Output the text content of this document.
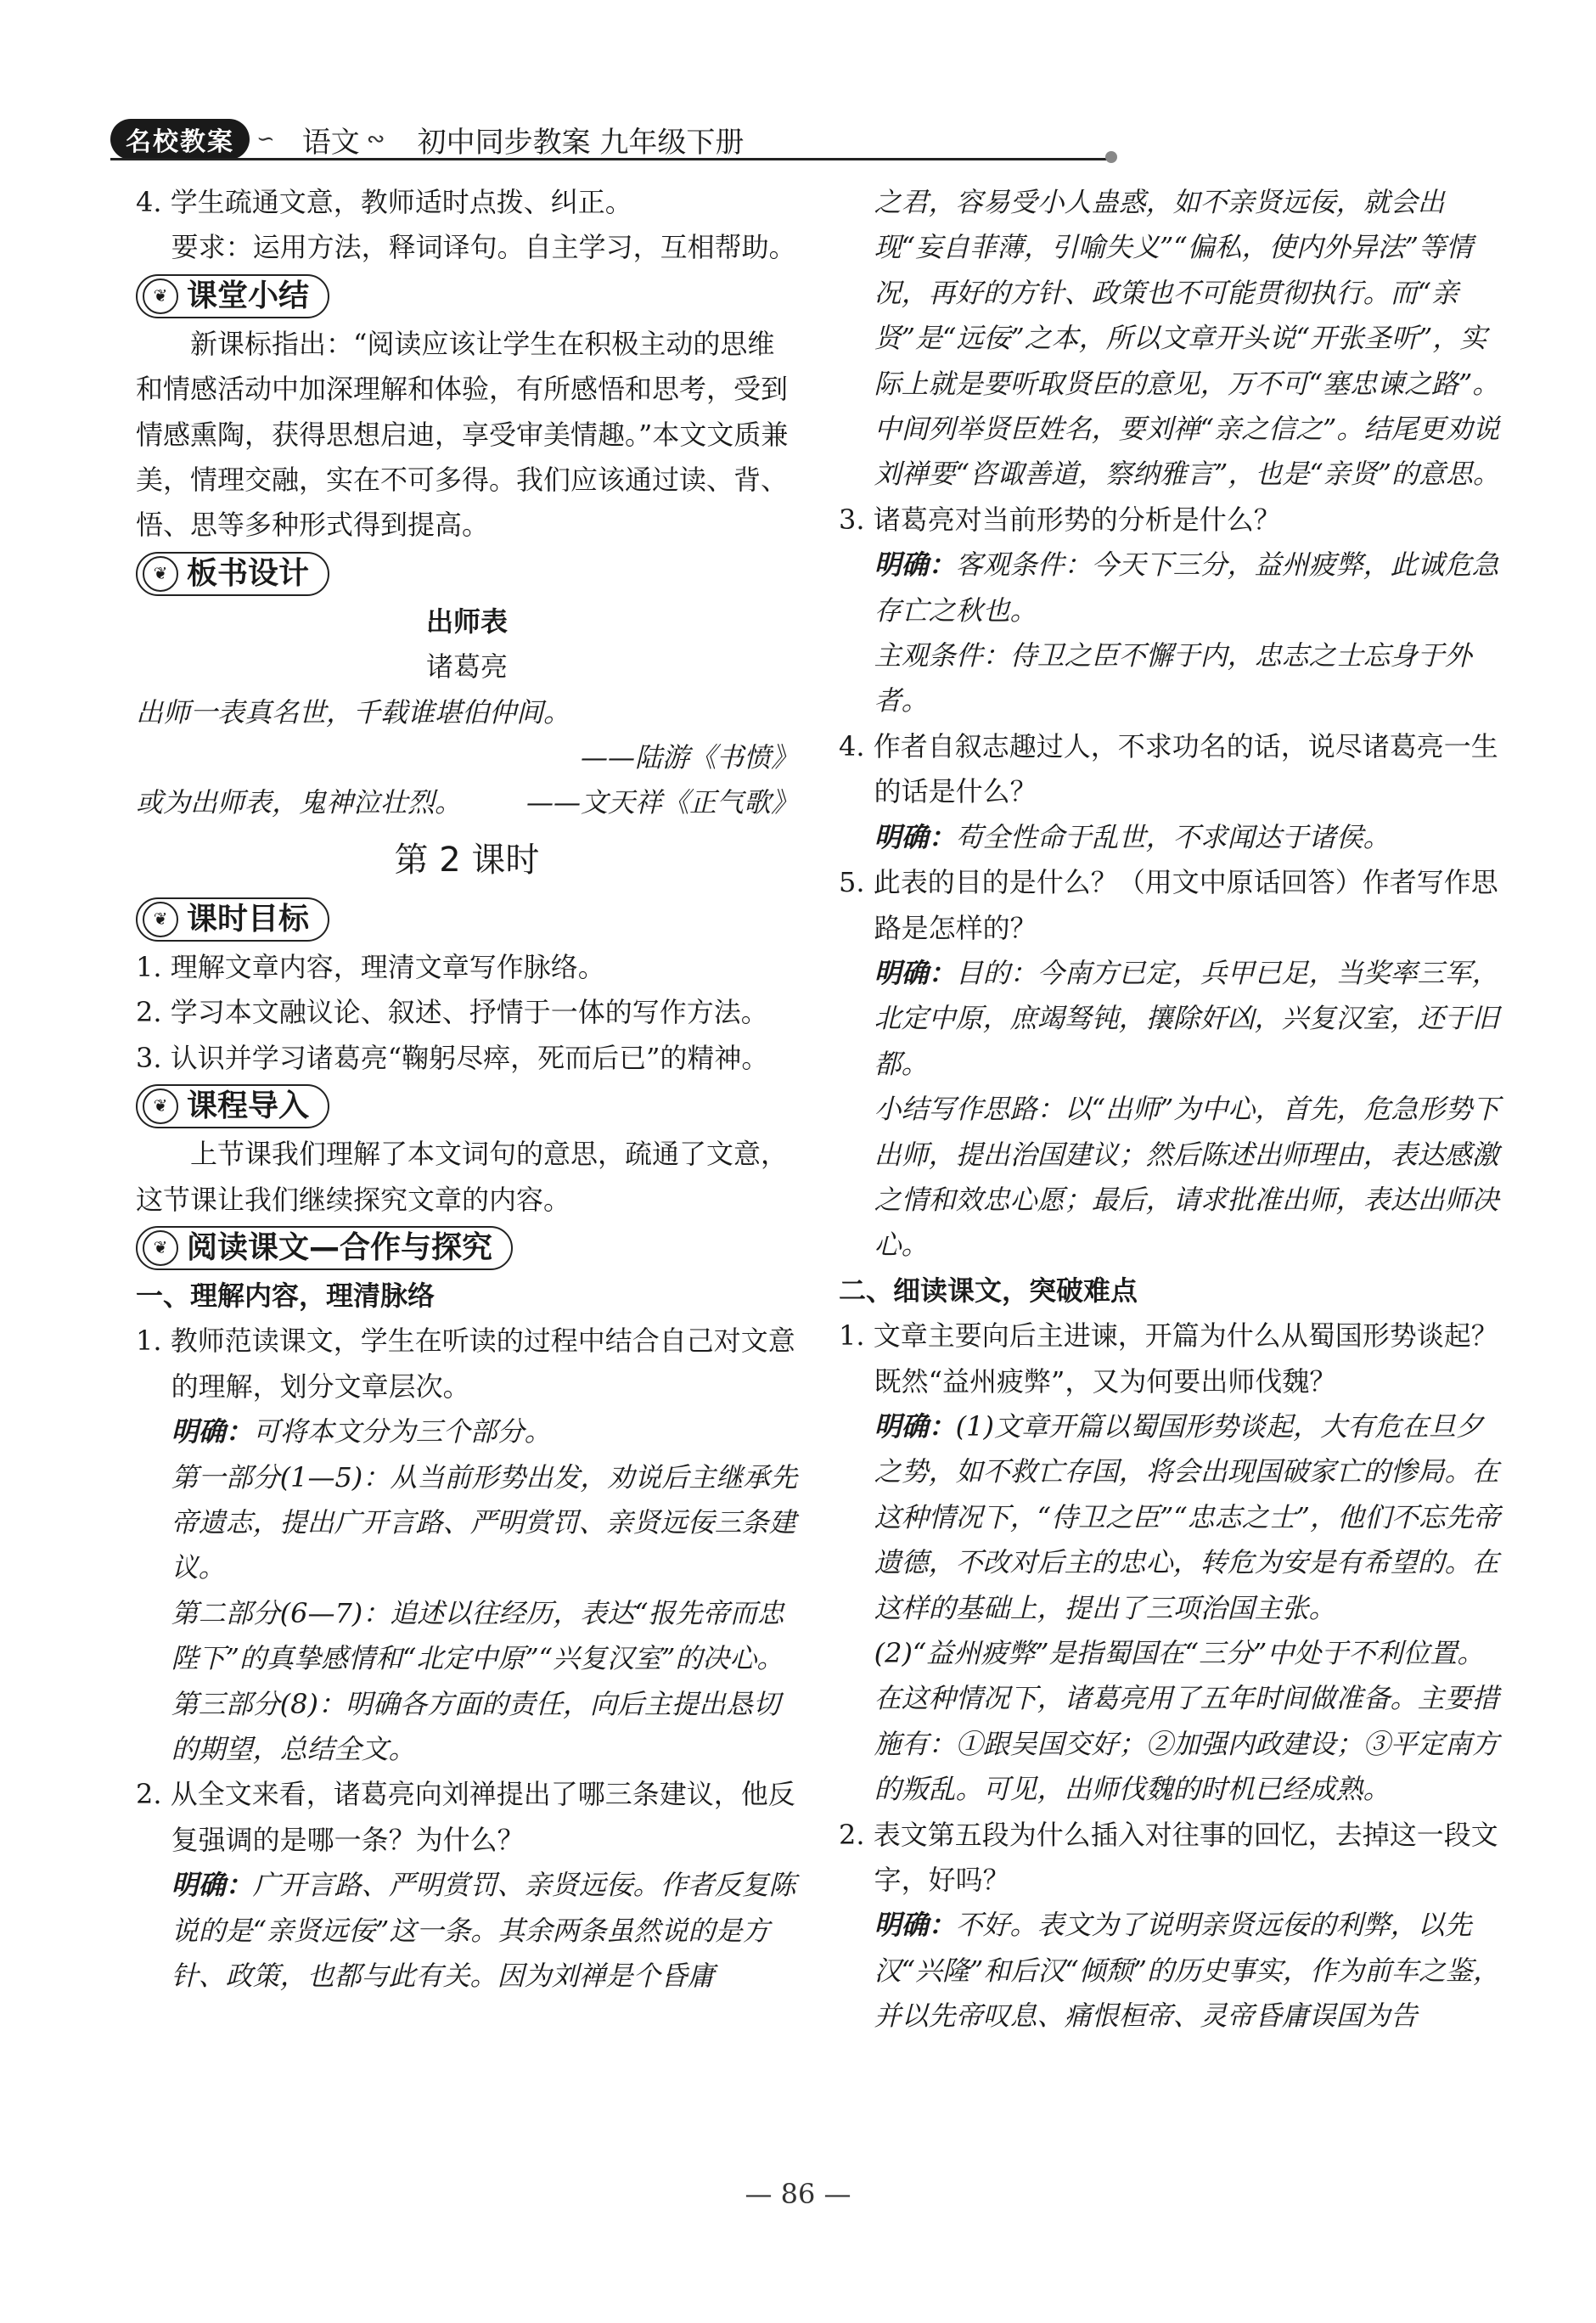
名校教案	∽ 语文 ∾ 初中同步教案 九年级下册

4. 学生疏通文意，教师适时点拨、纠正。

要求：运用方法，释词译句。自主学习，互相帮助。

❦ 课堂小结

新课标指出：“阅读应该让学生在积极主动的思维和情感活动中加深理解和体验，有所感悟和思考，受到情感熏陶，获得思想启迪，享受审美情趣。”本文文质兼美，情理交融，实在不可多得。我们应该通过读、背、悟、思等多种形式得到提高。

❦ 板书设计

出师表

诸葛亮

出师一表真名世，千载谁堪伯仲间。

——陆游《书愤》

或为出师表，鬼神泣壮烈。 ——文天祥《正气歌》

第 2 课时

❦ 课时目标

1. 理解文章内容，理清文章写作脉络。

2. 学习本文融议论、叙述、抒情于一体的写作方法。

3. 认识并学习诸葛亮“鞠躬尽瘁，死而后已”的精神。

❦ 课程导入

上节课我们理解了本文词句的意思，疏通了文意，这节课让我们继续探究文章的内容。

❦ 阅读课文—合作与探究

一、理解内容，理清脉络

1. 教师范读课文，学生在听读的过程中结合自己对文意的理解，划分文章层次。

明确：可将本文分为三个部分。

第一部分(1—5)：从当前形势出发，劝说后主继承先帝遗志，提出广开言路、严明赏罚、亲贤远佞三条建议。

第二部分(6—7)：追述以往经历，表达“报先帝而忠陛下”的真挚感情和“北定中原”“兴复汉室”的决心。

第三部分(8)：明确各方面的责任，向后主提出恳切的期望，总结全文。

2. 从全文来看，诸葛亮向刘禅提出了哪三条建议，他反复强调的是哪一条？为什么？

明确：广开言路、严明赏罚、亲贤远佞。作者反复陈说的是“亲贤远佞”这一条。其余两条虽然说的是方针、政策，也都与此有关。因为刘禅是个昏庸

之君，容易受小人蛊惑，如不亲贤远佞，就会出现“妄自菲薄，引喻失义”“偏私，使内外异法”等情况，再好的方针、政策也不可能贯彻执行。而“亲贤”是“远佞”之本，所以文章开头说“开张圣听”，实际上就是要听取贤臣的意见，万不可“塞忠谏之路”。中间列举贤臣姓名，要刘禅“亲之信之”。结尾更劝说刘禅要“咨诹善道，察纳雅言”，也是“亲贤”的意思。

3. 诸葛亮对当前形势的分析是什么？

明确：客观条件：今天下三分，益州疲弊，此诚危急存亡之秋也。

主观条件：侍卫之臣不懈于内，忠志之士忘身于外者。

4. 作者自叙志趣过人，不求功名的话，说尽诸葛亮一生的话是什么？

明确：苟全性命于乱世，不求闻达于诸侯。

5. 此表的目的是什么？（用文中原话回答）作者写作思路是怎样的？

明确：目的：今南方已定，兵甲已足，当奖率三军，北定中原，庶竭驽钝，攘除奸凶，兴复汉室，还于旧都。

小结写作思路：以“出师”为中心，首先，危急形势下出师，提出治国建议；然后陈述出师理由，表达感激之情和效忠心愿；最后，请求批准出师，表达出师决心。

二、细读课文，突破难点

1. 文章主要向后主进谏，开篇为什么从蜀国形势谈起？既然“益州疲弊”，又为何要出师伐魏？

明确：(1)文章开篇以蜀国形势谈起，大有危在旦夕之势，如不救亡存国，将会出现国破家亡的惨局。在这种情况下，“侍卫之臣”“忠志之士”，他们不忘先帝遗德，不改对后主的忠心，转危为安是有希望的。在这样的基础上，提出了三项治国主张。

(2)“益州疲弊”是指蜀国在“三分”中处于不利位置。在这种情况下，诸葛亮用了五年时间做准备。主要措施有：①跟吴国交好；②加强内政建设；③平定南方的叛乱。可见，出师伐魏的时机已经成熟。

2. 表文第五段为什么插入对往事的回忆，去掉这一段文字，好吗？

明确：不好。表文为了说明亲贤远佞的利弊，以先汉“兴隆”和后汉“倾颓”的历史事实，作为前车之鉴，并以先帝叹息、痛恨桓帝、灵帝昏庸误国为告

— 86 —
